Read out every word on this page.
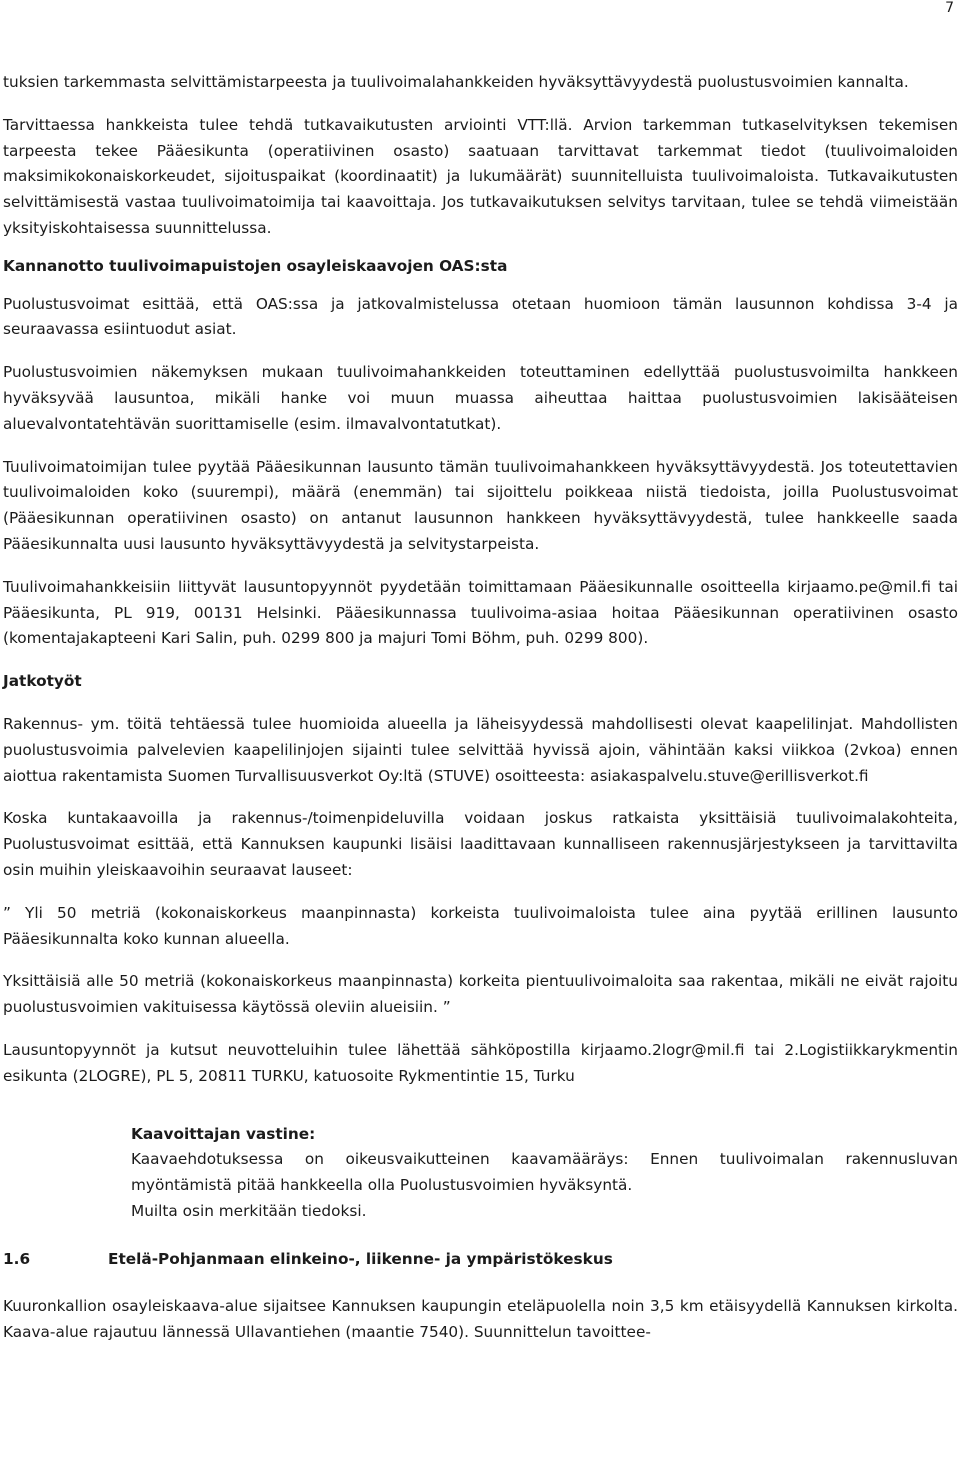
7

tuksien tarkemmasta selvittämistarpeesta ja tuulivoimalahankkeiden hyväksyttävyydestä puolustusvoimien kannalta.

Tarvittaessa hankkeista tulee tehdä tutkavaikutusten arviointi VTT:llä. Arvion tarkemman tutkaselvityksen tekemisen tarpeesta tekee Pääesikunta (operatiivinen osasto) saatuaan tarvittavat tarkemmat tiedot (tuulivoimaloiden maksimikokonaiskorkeudet, sijoituspaikat (koordinaatit) ja lukumäärät) suunnitelluista tuulivoimaloista. Tutkavaikutusten selvittämisestä vastaa tuulivoimatoimija tai kaavoittaja. Jos tutkavaikutuksen selvitys tarvitaan, tulee se tehdä viimeistään yksityiskohtaisessa suunnittelussa.

Kannanotto tuulivoimapuistojen osayleiskaavojen OAS:sta

Puolustusvoimat esittää, että OAS:ssa ja jatkovalmistelussa otetaan huomioon tämän lausunnon kohdissa 3-4 ja seuraavassa esiintuodut asiat.

Puolustusvoimien näkemyksen mukaan tuulivoimahankkeiden toteuttaminen edellyttää puolustusvoimilta hankkeen hyväksyvää lausuntoa, mikäli hanke voi muun muassa aiheuttaa haittaa puolustusvoimien lakisääteisen aluevalvontatehtävän suorittamiselle (esim. ilmavalvontatutkat).

Tuulivoimatoimijan tulee pyytää Pääesikunnan lausunto tämän tuulivoimahankkeen hyväksyttävyydestä. Jos toteutettavien tuulivoimaloiden koko (suurempi), määrä (enemmän) tai sijoittelu poikkeaa niistä tiedoista, joilla Puolustusvoimat (Pääesikunnan operatiivinen osasto) on antanut lausunnon hankkeen hyväksyttävyydestä, tulee hankkeelle saada Pääesikunnalta uusi lausunto hyväksyttävyydestä ja selvitystarpeista.

Tuulivoimahankkeisiin liittyvät lausuntopyynnöt pyydetään toimittamaan Pääesikunnalle osoitteella kirjaamo.pe@mil.fi tai Pääesikunta, PL 919, 00131 Helsinki. Pääesikunnassa tuulivoima-asiaa hoitaa Pääesikunnan operatiivinen osasto (komentajakapteeni Kari Salin, puh. 0299 800 ja majuri Tomi Böhm, puh. 0299 800).

Jatkotyöt

Rakennus- ym. töitä tehtäessä tulee huomioida alueella ja läheisyydessä mahdollisesti olevat kaapelilinjat. Mahdollisten puolustusvoimia palvelevien kaapelilinjojen sijainti tulee selvittää hyvissä ajoin, vähintään kaksi viikkoa (2vkoa) ennen aiottua rakentamista Suomen Turvallisuusverkot Oy:ltä (STUVE) osoitteesta: asiakaspalvelu.stuve@erillisverkot.fi

Koska kuntakaavoilla ja rakennus-/toimenpideluvilla voidaan joskus ratkaista yksittäisiä tuulivoimalakohteita, Puolustusvoimat esittää, että Kannuksen kaupunki lisäisi laadittavaan kunnalliseen rakennusjärjestykseen ja tarvittavilta osin muihin yleiskaavoihin seuraavat lauseet:

” Yli 50 metriä (kokonaiskorkeus maanpinnasta) korkeista tuulivoimaloista tulee aina pyytää erillinen lausunto Pääesikunnalta koko kunnan alueella.

Yksittäisiä alle 50 metriä (kokonaiskorkeus maanpinnasta) korkeita pientuulivoimaloita saa rakentaa, mikäli ne eivät rajoitu puolustusvoimien vakituisessa käytössä oleviin alueisiin. ”

Lausuntopyynnöt ja kutsut neuvotteluihin tulee lähettää sähköpostilla kirjaamo.2logr@mil.fi tai 2.Logistiikkarykmentin esikunta (2LOGRE), PL 5, 20811 TURKU, katuosoite Rykmentintie 15, Turku

Kaavoittajan vastine:

Kaavaehdotuksessa on oikeusvaikutteinen kaavamääräys: Ennen tuulivoimalan rakennusluvan myöntämistä pitää hankkeella olla Puolustusvoimien hyväksyntä.

Muilta osin merkitään tiedoksi.

1.6	Etelä-Pohjanmaan elinkeino-, liikenne- ja ympäristökeskus

Kuuronkallion osayleiskaava-alue sijaitsee Kannuksen kaupungin eteläpuolella noin 3,5 km etäisyydellä Kannuksen kirkolta. Kaava-alue rajautuu lännessä Ullavantiehen (maantie 7540). Suunnittelun tavoittee-
